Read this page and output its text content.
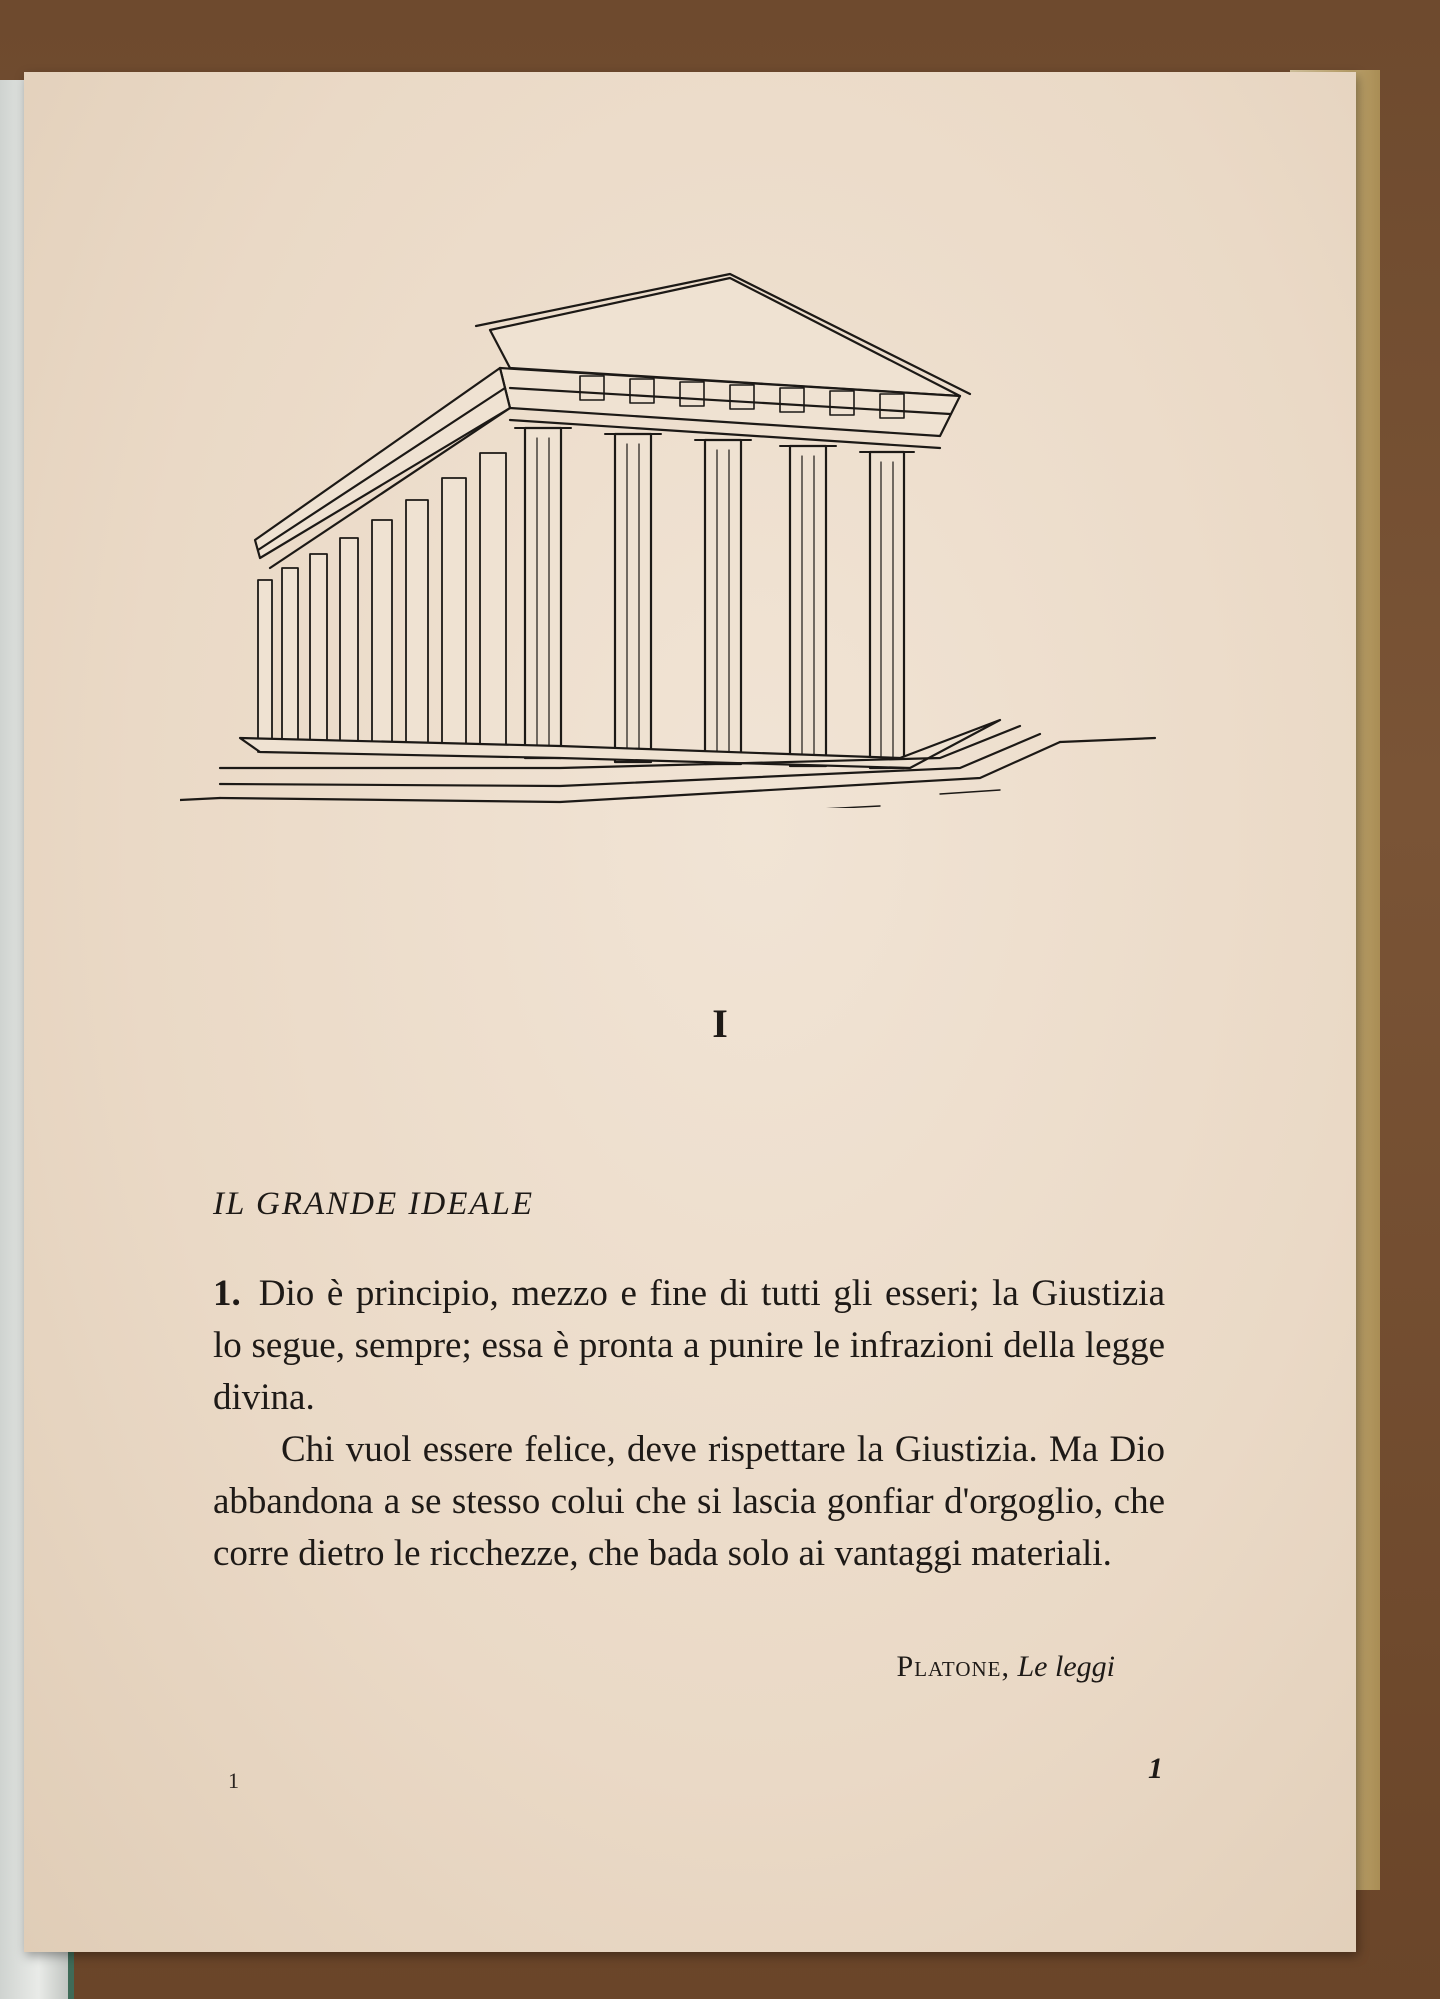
I
IL GRANDE IDEALE

1. Dio è principio, mezzo e fine di tutti gli esseri; la Giustizia lo segue, sempre; essa è pronta a punire le infrazioni della legge divina.

Chi vuol essere felice, deve rispettare la Giustizia. Ma Dio abbandona a se stesso colui che si lascia gonfiar d'orgoglio, che corre dietro le ricchezze, che bada solo ai vantaggi materiali.

Platone, Le leggi
1	1
